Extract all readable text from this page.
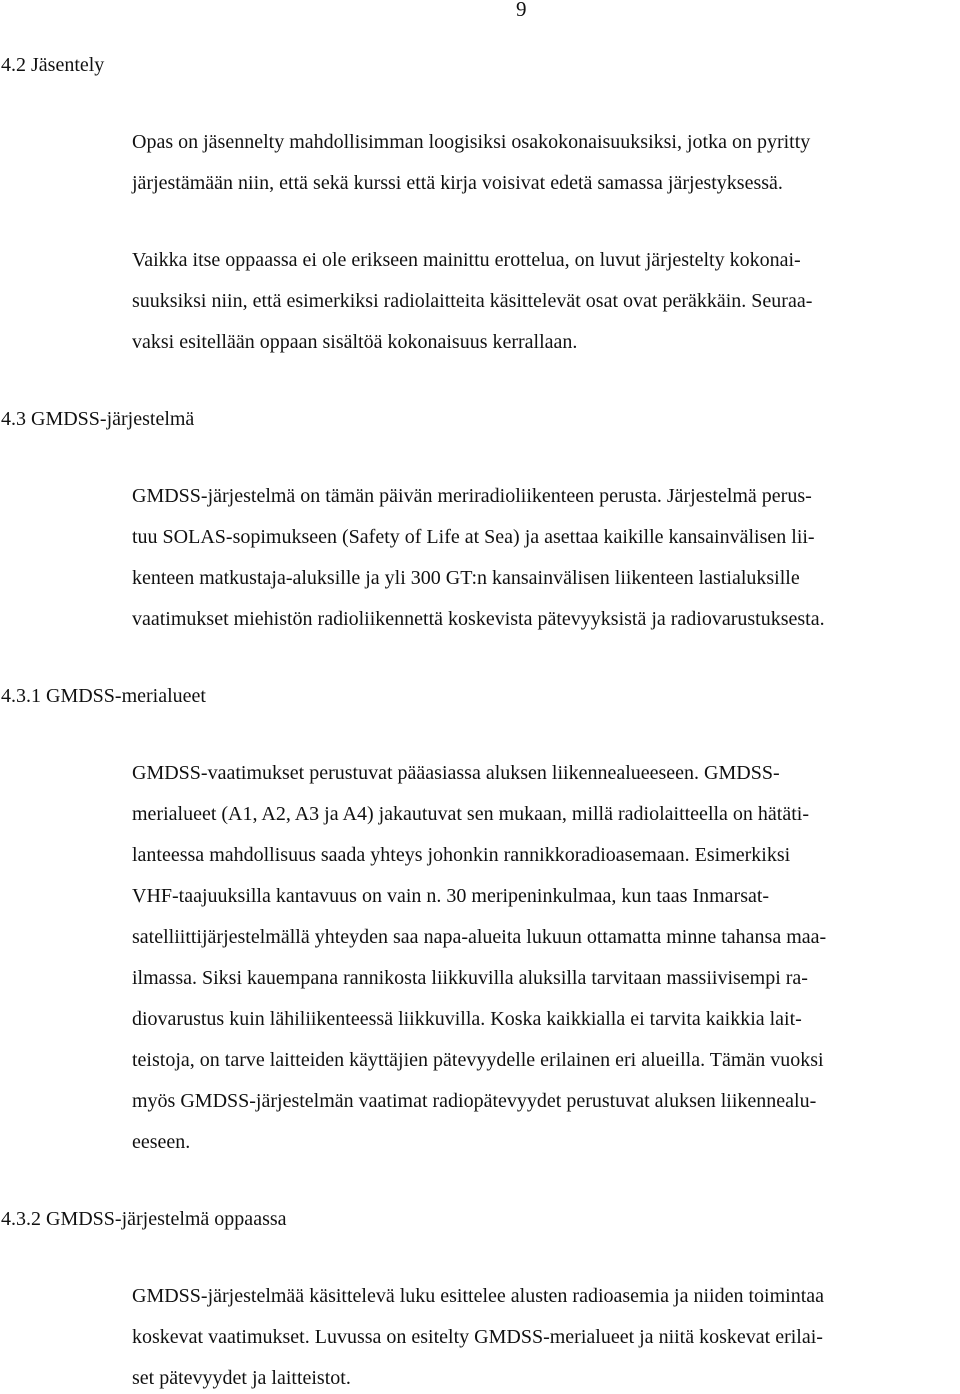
9
4.2 Jäsentely
Opas on jäsennelty mahdollisimman loogisiksi osakokonaisuuksiksi, jotka on pyritty
järjestämään niin, että sekä kurssi että kirja voisivat edetä samassa järjestyksessä.
Vaikka itse oppaassa ei ole erikseen mainittu erottelua, on luvut järjestelty kokonai-
suuksiksi niin, että esimerkiksi radiolaitteita käsittelevät osat ovat peräkkäin. Seuraa-
vaksi esitellään oppaan sisältöä kokonaisuus kerrallaan.
4.3 GMDSS-järjestelmä
GMDSS-järjestelmä on tämän päivän meriradioliikenteen perusta. Järjestelmä perus-
tuu SOLAS-sopimukseen (Safety of Life at Sea) ja asettaa kaikille kansainvälisen lii-
kenteen matkustaja-aluksille ja yli 300 GT:n kansainvälisen liikenteen lastialuksille
vaatimukset miehistön radioliikennettä koskevista pätevyyksistä ja radiovarustuksesta.
4.3.1 GMDSS-merialueet
GMDSS-vaatimukset perustuvat pääasiassa aluksen liikennealueeseen. GMDSS-
merialueet (A1, A2, A3 ja A4) jakautuvat sen mukaan, millä radiolaitteella on hätäti-
lanteessa mahdollisuus saada yhteys johonkin rannikkoradioasemaan. Esimerkiksi
VHF-taajuuksilla kantavuus on vain n. 30 meripeninkulmaa, kun taas Inmarsat-
satelliittijärjestelmällä yhteyden saa napa-alueita lukuun ottamatta minne tahansa maa-
ilmassa. Siksi kauempana rannikosta liikkuvilla aluksilla tarvitaan massiivisempi ra-
diovarustus kuin lähiliikenteessä liikkuvilla. Koska kaikkialla ei tarvita kaikkia lait-
teistoja, on tarve laitteiden käyttäjien pätevyydelle erilainen eri alueilla. Tämän vuoksi
myös GMDSS-järjestelmän vaatimat radiopätevyydet perustuvat aluksen liikennealu-
eeseen.
4.3.2 GMDSS-järjestelmä oppaassa
GMDSS-järjestelmää käsittelevä luku esittelee alusten radioasemia ja niiden toimintaa
koskevat vaatimukset. Luvussa on esitelty GMDSS-merialueet ja niitä koskevat erilai-
set pätevyydet ja laitteistot.
